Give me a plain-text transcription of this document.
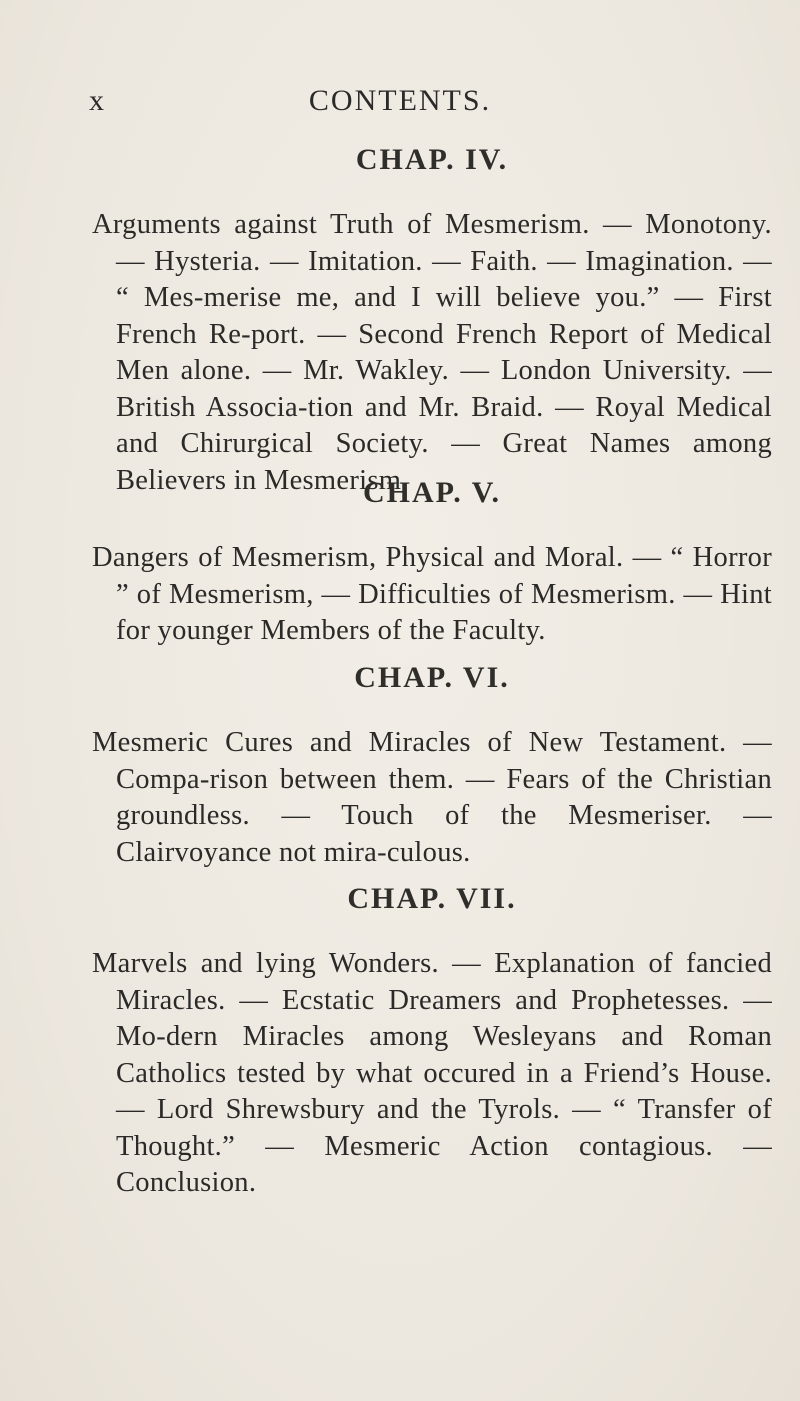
x	CONTENTS.
CHAP. IV.

Arguments against Truth of Mesmerism. — Monotony. — Hysteria. — Imitation. — Faith. — Imagination. — “ Mes-merise me, and I will believe you.” — First French Re-port. — Second French Report of Medical Men alone. — Mr. Wakley. — London University. — British Associa-tion and Mr. Braid. — Royal Medical and Chirurgical Society. — Great Names among Believers in Mesmerism.

CHAP. V.

Dangers of Mesmerism, Physical and Moral. — “ Horror ” of Mesmerism, — Difficulties of Mesmerism. — Hint for younger Members of the Faculty.

CHAP. VI.

Mesmeric Cures and Miracles of New Testament. — Compa-rison between them. — Fears of the Christian groundless. — Touch of the Mesmeriser. — Clairvoyance not mira-culous.

CHAP. VII.

Marvels and lying Wonders. — Explanation of fancied Miracles. — Ecstatic Dreamers and Prophetesses. — Mo-dern Miracles among Wesleyans and Roman Catholics tested by what occured in a Friend’s House. — Lord Shrewsbury and the Tyrols. — “ Transfer of Thought.” — Mesmeric Action contagious. — Conclusion.
